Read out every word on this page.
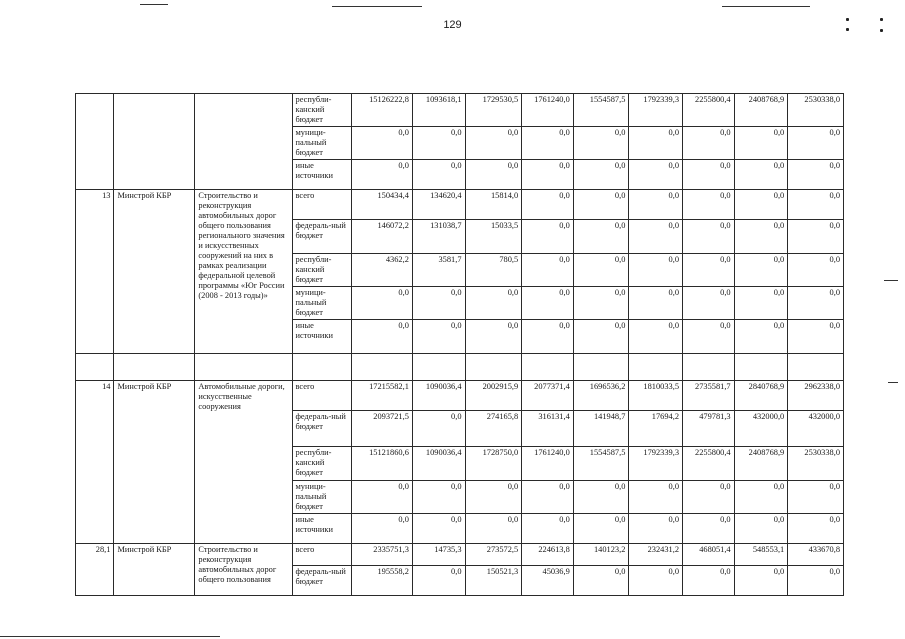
129
			республи-канский бюджет	15126222,8	1093618,1	1729530,5	1761240,0	1554587,5	1792339,3	2255800,4	2408768,9	2530338,0
			муници-пальный бюджет	0,0	0,0	0,0	0,0	0,0	0,0	0,0	0,0	0,0
			иные источники	0,0	0,0	0,0	0,0	0,0	0,0	0,0	0,0	0,0
13	Минстрой КБР	Строительство и реконструкция автомобильных дорог общего пользования регионального значения и искусственных сооружений на них в рамках реализации федеральной целевой программы «Юг России (2008 - 2013 годы)»	всего	150434,4	134620,4	15814,0	0,0	0,0	0,0	0,0	0,0	0,0
			федераль-ный бюджет	146072,2	131038,7	15033,5	0,0	0,0	0,0	0,0	0,0	0,0
			республи-канский бюджет	4362,2	3581,7	780,5	0,0	0,0	0,0	0,0	0,0	0,0
			муници-пальный бюджет	0,0	0,0	0,0	0,0	0,0	0,0	0,0	0,0	0,0
			иные источники	0,0	0,0	0,0	0,0	0,0	0,0	0,0	0,0	0,0

14	Минстрой КБР	Автомобильные дороги, искусственные сооружения	всего	17215582,1	1090036,4	2002915,9	2077371,4	1696536,2	1810033,5	2735581,7	2840768,9	2962338,0
			федераль-ный бюджет	2093721,5	0,0	274165,8	316131,4	141948,7	17694,2	479781,3	432000,0	432000,0
			республи-канский бюджет	15121860,6	1090036,4	1728750,0	1761240,0	1554587,5	1792339,3	2255800,4	2408768,9	2530338,0
			муници-пальный бюджет	0,0	0,0	0,0	0,0	0,0	0,0	0,0	0,0	0,0
			иные источники	0,0	0,0	0,0	0,0	0,0	0,0	0,0	0,0	0,0
28,1	Минстрой КБР	Строительство и реконструкция автомобильных дорог общего пользования	всего	2335751,3	14735,3	273572,5	224613,8	140123,2	232431,2	468051,4	548553,1	433670,8
			федераль-ный бюджет	195558,2	0,0	150521,3	45036,9	0,0	0,0	0,0	0,0	0,0
